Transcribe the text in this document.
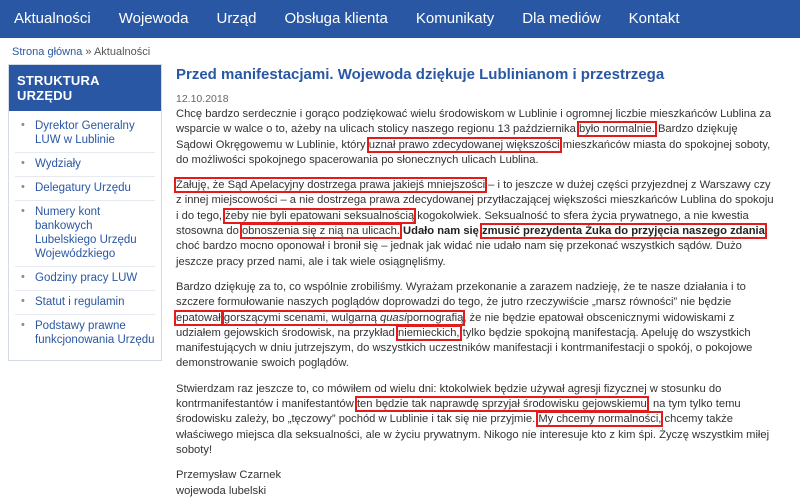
Aktualności	Wojewoda	Urząd	Obsługa klienta	Komunikaty	Dla mediów	Kontakt
Strona główna » Aktualności
STRUKTURA URZĘDU
• Dyrektor Generalny LUW w Lublinie
• Wydziały
• Delegatury Urzędu
• Numery kont bankowych Lubelskiego Urzędu Wojewódzkiego
• Godziny pracy LUW
• Statut i regulamin
• Podstawy prawne funkcjonowania Urzędu
Przed manifestacjami. Wojewoda dziękuje Lublinianom i przestrzega
12.10.2018

Chcę bardzo serdecznie i gorąco podziękować wielu środowiskom w Lublinie i ogromnej liczbie mieszkańców Lublina za wsparcie w walce o to, ażeby na ulicach stolicy naszego regionu 13 października było normalnie. Bardzo dziękuję Sądowi Okręgowemu w Lublinie, który uznał prawo zdecydowanej większości mieszkańców miasta do spokojnej soboty, do możliwości spokojnego spacerowania po słonecznych ulicach Lublina.

Żałuję, że Sąd Apelacyjny dostrzega prawa jakiejś mniejszości – i to jeszcze w dużej części przyjezdnej z Warszawy czy z innej miejscowości – a nie dostrzega prawa zdecydowanej przytłaczającej większości mieszkańców Lublina do spokoju i do tego, żeby nie byli epatowani seksualnością kogokolwiek. Seksualność to sfera życia prywatnego, a nie kwestia stosowna do obnoszenia się z nią na ulicach. Udało nam się zmusić prezydenta Żuka do przyjęcia naszego zdania, choć bardzo mocno oponował i bronił się – jednak jak widać nie udało nam się przekonać wszystkich sądów. Dużo jeszcze pracy przed nami, ale i tak wiele osiągnęliśmy.

Bardzo dziękuję za to, co wspólnie zrobiliśmy. Wyrażam przekonanie a zarazem nadzieję, że te nasze działania i to szczere formułowanie naszych poglądów doprowadzi do tego, że jutro rzeczywiście „marsz równości” nie będzie epatował gorszącymi scenami, wulgarną quasipornografią, że nie będzie epatował obscenicznymi widowiskami z udziałem gejowskich środowisk, na przykład niemieckich, tylko będzie spokojną manifestacją. Apeluję do wszystkich manifestujących w dniu jutrzejszym, do wszystkich uczestników manifestacji i kontrmanifestacji o spokój, o pokojowe demonstrowanie swoich poglądów.

Stwierdzam raz jeszcze to, co mówiłem od wielu dni: ktokolwiek będzie używał agresji fizycznej w stosunku do kontrmanifestantów i manifestantów ten będzie tak naprawdę sprzyjał środowisku gejowskiemu, na tym tylko temu środowisku zależy, bo „tęczowy” pochód w Lublinie i tak się nie przyjmie. My chcemy normalności, chcemy także właściwego miejsca dla seksualności, ale w życiu prywatnym. Nikogo nie interesuje kto z kim śpi. Życzę wszystkim miłej soboty!

Przemysław Czarnek
wojewoda lubelski
